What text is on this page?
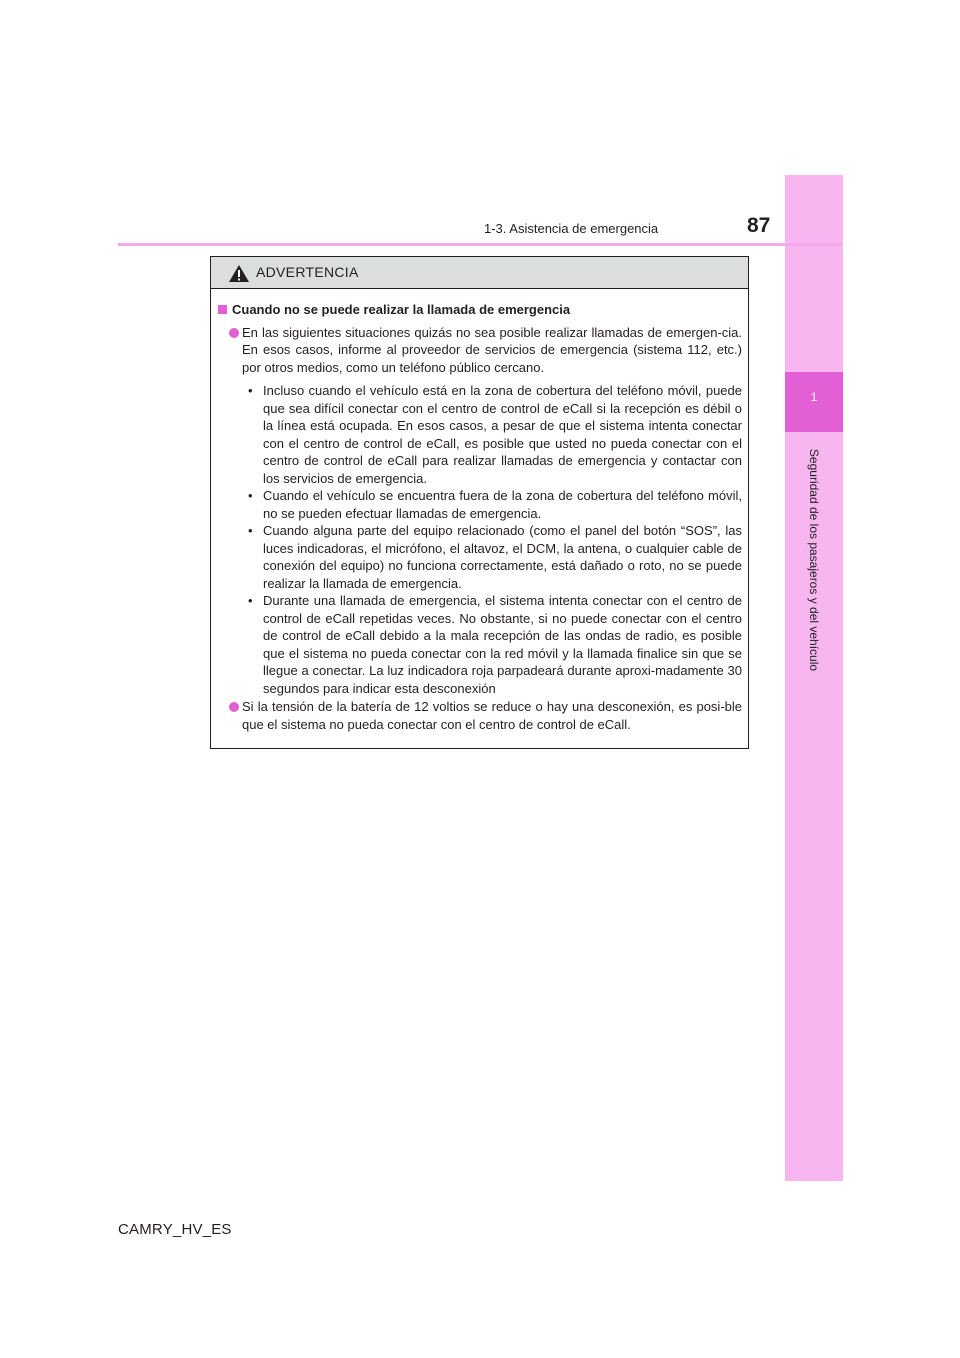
1
Seguridad de los pasajeros y del vehículo
1-3. Asistencia de emergencia	87
ADVERTENCIA
Cuando no se puede realizar la llamada de emergencia
En las siguientes situaciones quizás no sea posible realizar llamadas de emergen-cia. En esos casos, informe al proveedor de servicios de emergencia (sistema 112, etc.) por otros medios, como un teléfono público cercano.
• Incluso cuando el vehículo está en la zona de cobertura del teléfono móvil, puede que sea difícil conectar con el centro de control de eCall si la recepción es débil o la línea está ocupada. En esos casos, a pesar de que el sistema intenta conectar con el centro de control de eCall, es posible que usted no pueda conectar con el centro de control de eCall para realizar llamadas de emergencia y contactar con los servicios de emergencia.
• Cuando el vehículo se encuentra fuera de la zona de cobertura del teléfono móvil, no se pueden efectuar llamadas de emergencia.
• Cuando alguna parte del equipo relacionado (como el panel del botón “SOS”, las luces indicadoras, el micrófono, el altavoz, el DCM, la antena, o cualquier cable de conexión del equipo) no funciona correctamente, está dañado o roto, no se puede realizar la llamada de emergencia.
• Durante una llamada de emergencia, el sistema intenta conectar con el centro de control de eCall repetidas veces. No obstante, si no puede conectar con el centro de control de eCall debido a la mala recepción de las ondas de radio, es posible que el sistema no pueda conectar con la red móvil y la llamada finalice sin que se llegue a conectar. La luz indicadora roja parpadeará durante aproxi-madamente 30 segundos para indicar esta desconexión
Si la tensión de la batería de 12 voltios se reduce o hay una desconexión, es posi-ble que el sistema no pueda conectar con el centro de control de eCall.
CAMRY_HV_ES
